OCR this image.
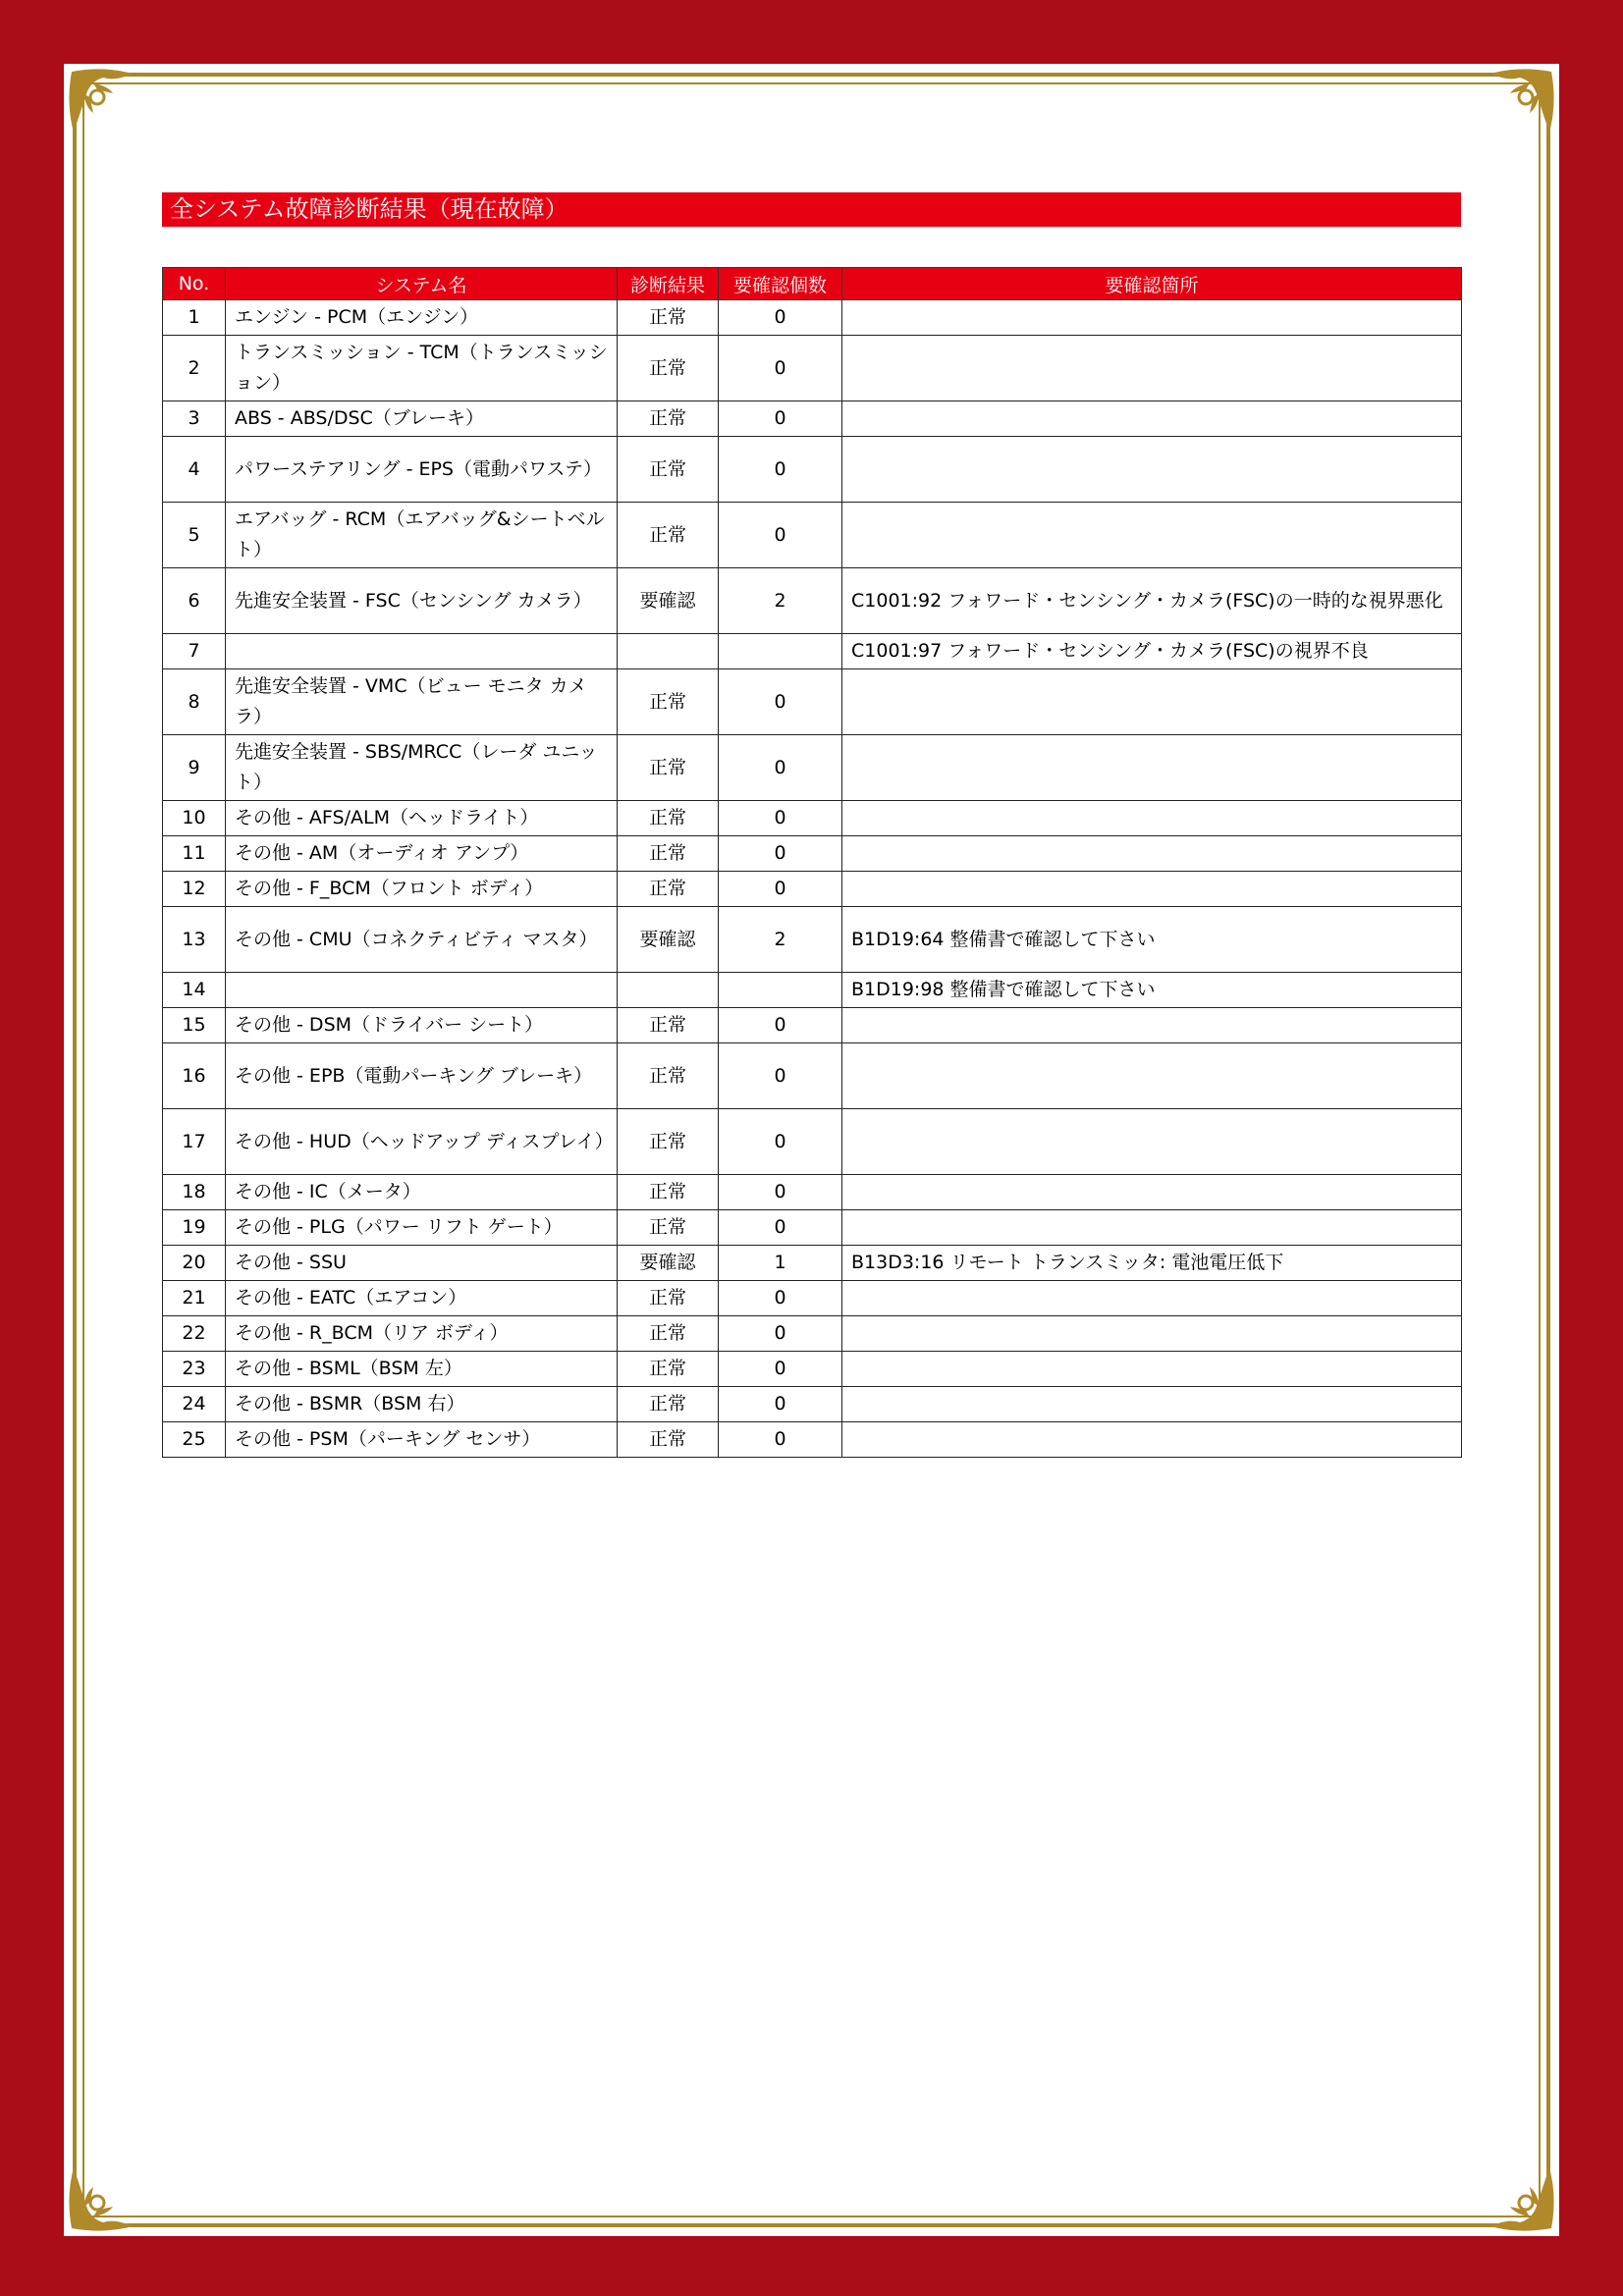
全システム故障診断結果（現在故障）
No.	システム名	診断結果	要確認個数	要確認箇所
1	エンジン - PCM（エンジン）	正常	0	
2	トランスミッション - TCM（トランスミッション）	正常	0	
3	ABS - ABS/DSC（ブレーキ）	正常	0	
4	パワーステアリング - EPS（電動パワステ）	正常	0	
5	エアバッグ - RCM（エアバッグ&シートベルト）	正常	0	
6	先進安全装置 - FSC（センシング カメラ）	要確認	2	C1001:92 フォワード・センシング・カメラ(FSC)の一時的な視界悪化
7				C1001:97 フォワード・センシング・カメラ(FSC)の視界不良
8	先進安全装置 - VMC（ビュー モニタ カメラ）	正常	0	
9	先進安全装置 - SBS/MRCC（レーダ ユニット）	正常	0	
10	その他 - AFS/ALM（ヘッドライト）	正常	0	
11	その他 - AM（オーディオ アンプ）	正常	0	
12	その他 - F_BCM（フロント ボディ）	正常	0	
13	その他 - CMU（コネクティビティ マスタ）	要確認	2	B1D19:64 整備書で確認して下さい
14				B1D19:98 整備書で確認して下さい
15	その他 - DSM（ドライバー シート）	正常	0	
16	その他 - EPB（電動パーキング ブレーキ）	正常	0	
17	その他 - HUD（ヘッドアップ ディスプレイ）	正常	0	
18	その他 - IC（メータ）	正常	0	
19	その他 - PLG（パワー リフト ゲート）	正常	0	
20	その他 - SSU	要確認	1	B13D3:16 リモート トランスミッタ: 電池電圧低下
21	その他 - EATC（エアコン）	正常	0	
22	その他 - R_BCM（リア ボディ）	正常	0	
23	その他 - BSML（BSM 左）	正常	0	
24	その他 - BSMR（BSM 右）	正常	0	
25	その他 - PSM（パーキング センサ）	正常	0	
